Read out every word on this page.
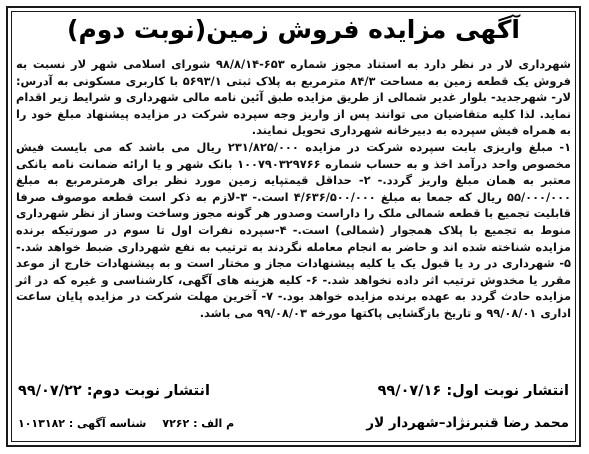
آگهی مزایده فروش زمین(نوبت دوم)

شهرداری لار در نظر دارد به استناد مجوز شماره ۶۵۳-۹۸/۸/۱۴ شورای اسلامی شهر لار نسبت به فروش یک قطعه زمین به مساحت ۸۴/۳ مترمربع به پلاک ثبتی ۵۶۹۳/۱ با کاربری مسکونی به آدرس: لار- شهرجدید- بلوار غدیر شمالی از طریق مزایده طبق آئین نامه مالی شهرداری و شرایط زیر اقدام نماید. لذا کلیه متقاضیان می توانند پس از واریز وجه سپرده شرکت در مزایده پیشنهاد مبلغ خود را به همراه فیش سپرده به دبیرخانه شهرداری تحویل نمایند.

۱- مبلغ واریزی بابت سپرده شرکت در مزایده ۲۳۱/۸۲۵/۰۰۰ ریال می باشد که می بایست فیش مخصوص واحد درآمد اخذ و به حساب شماره ۱۰۰۷۹۰۳۲۹۷۶۶ بانک شهر و یا ارائه ضمانت نامه بانکی معتبر به همان مبلغ واریز گردد.- ۲- حداقل قیمتپایه زمین مورد نظر برای هرمترمربع به مبلغ ۵۵/۰۰۰/۰۰۰ ریال که جمعا به مبلغ ۴/۶۳۶/۵۰۰/۰۰۰ است.- ۳-لازم به ذکر است قطعه موصوف صرفا قابلیت تجمیع با قطعه شمالی ملک را داراست وصدور هر گونه مجوز وساخت وساز از نظر شهرداری منوط به تجمیع با پلاک همجوار (شمالی) است.- ۴-سپرده نفرات اول تا سوم در صورتیکه برنده مزایده شناخته شده اند و حاضر به انجام معامله نگردند به ترتیب به نفع شهرداری ضبط خواهد شد.- ۵- شهرداری در رد یا قبول یک یا کلیه پیشنهادات مجاز و مختار است و به پیشنهادات خارج از موعد مقرر یا مخدوش ترتیب اثر داده نخواهد شد.- ۶- کلیه هزینه های آگهی، کارشناسی و غیره که در اثر مزایده حادث گردد به عهده برنده مزایده خواهد بود.- ۷- آخرین مهلت شرکت در مزایده پایان ساعت اداری ۹۹/۰۸/۰۱ و تاریخ بازگشایی پاکتها مورخه ۹۹/۰۸/۰۳ می باشد.

انتشار نوبت اول: ۹۹/۰۷/۱۶
انتشار نوبت دوم: ۹۹/۰۷/۲۲
محمد رضا قنبرنژاد–شهردار لار
م الف : ۷۲۶۲
شناسه آگهی : ۱۰۱۳۱۸۲
